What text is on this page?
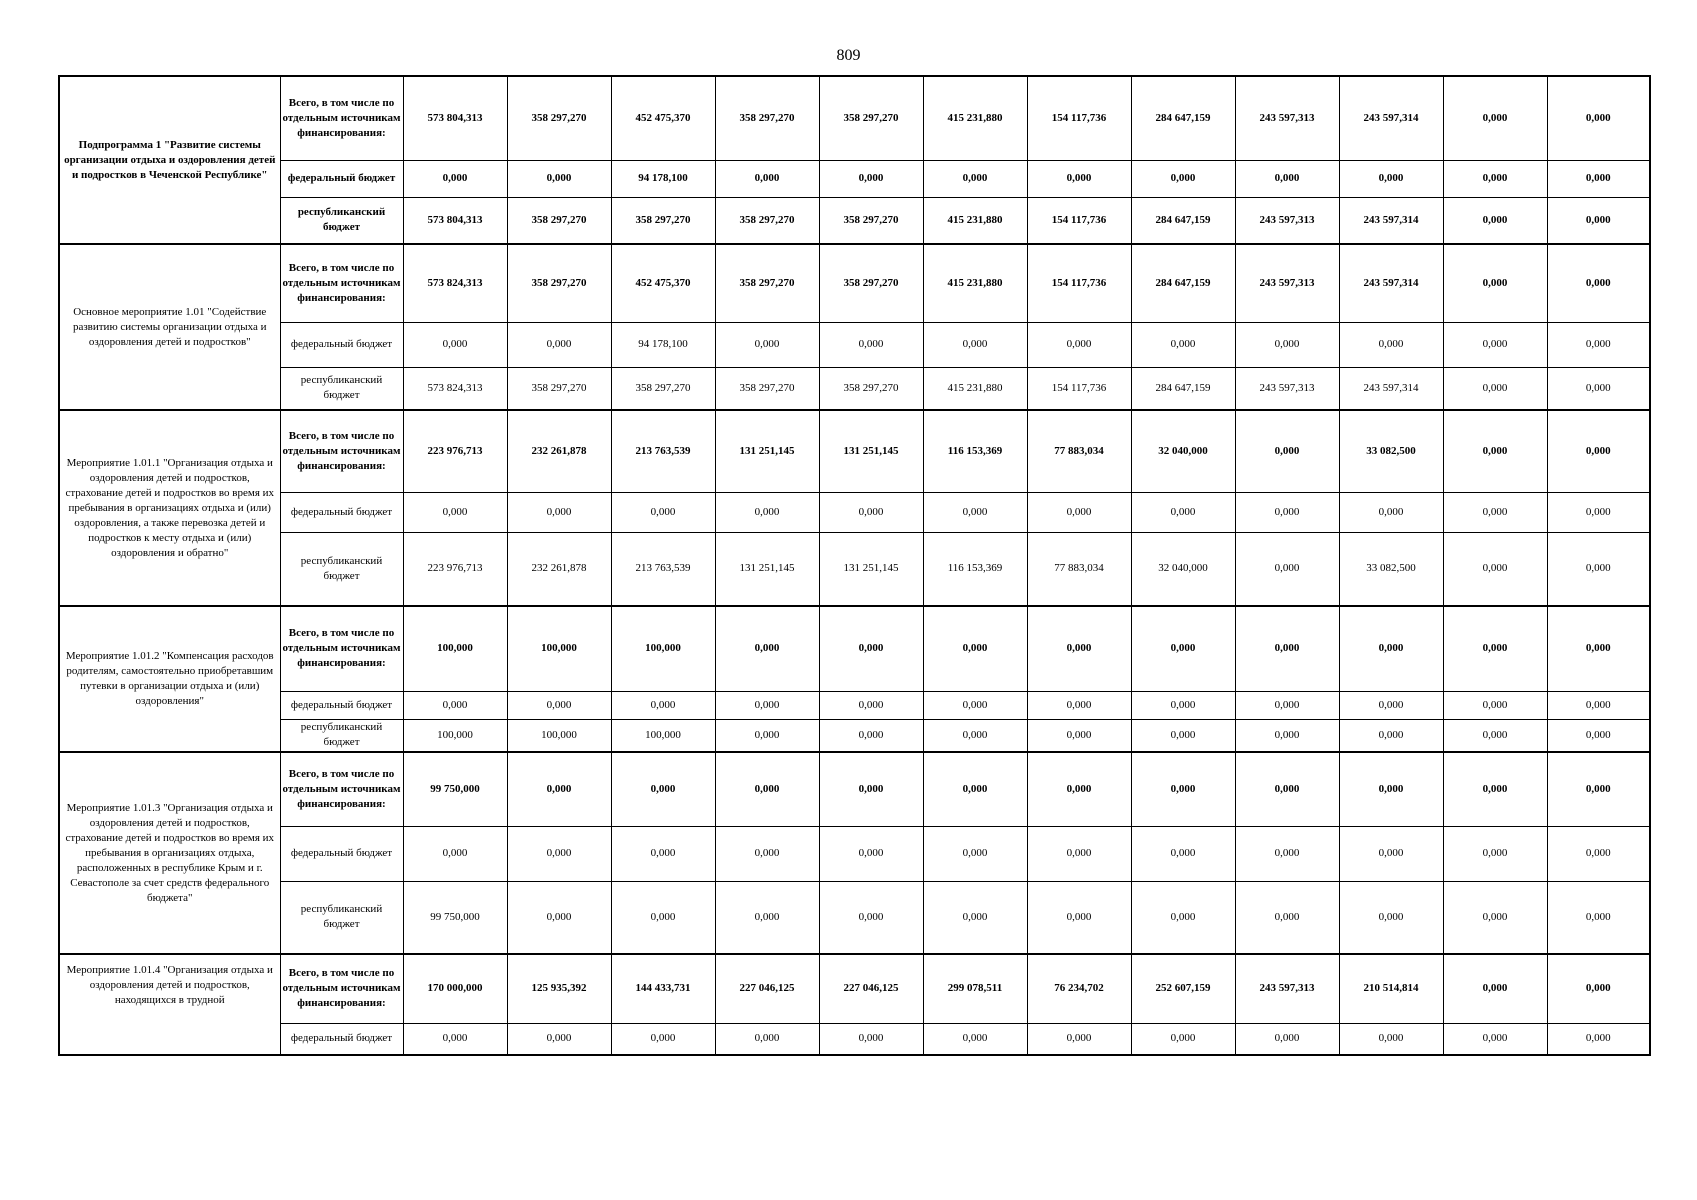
809
Подпрограмма 1 "Развитие системы организации отдыха и оздоровления детей и подростков в Чеченской Республике"	Всего, в том числе по отдельным источникам финансирования:	573 804,313	358 297,270	452 475,370	358 297,270	358 297,270	415 231,880	154 117,736	284 647,159	243 597,313	243 597,314	0,000	0,000
	федеральный бюджет	0,000	0,000	94 178,100	0,000	0,000	0,000	0,000	0,000	0,000	0,000	0,000	0,000
	республиканский бюджет	573 804,313	358 297,270	358 297,270	358 297,270	358 297,270	415 231,880	154 117,736	284 647,159	243 597,313	243 597,314	0,000	0,000
Основное мероприятие 1.01 "Содействие развитию системы организации отдыха и оздоровления детей и подростков"	Всего, в том числе по отдельным источникам финансирования:	573 824,313	358 297,270	452 475,370	358 297,270	358 297,270	415 231,880	154 117,736	284 647,159	243 597,313	243 597,314	0,000	0,000
	федеральный бюджет	0,000	0,000	94 178,100	0,000	0,000	0,000	0,000	0,000	0,000	0,000	0,000	0,000
	республиканский бюджет	573 824,313	358 297,270	358 297,270	358 297,270	358 297,270	415 231,880	154 117,736	284 647,159	243 597,313	243 597,314	0,000	0,000
Мероприятие 1.01.1 "Организация отдыха и оздоровления детей и подростков, страхование детей и подростков во время их пребывания в организациях отдыха и (или) оздоровления, а также перевозка детей и подростков к месту отдыха и (или) оздоровления и обратно"	Всего, в том числе по отдельным источникам финансирования:	223 976,713	232 261,878	213 763,539	131 251,145	131 251,145	116 153,369	77 883,034	32 040,000	0,000	33 082,500	0,000	0,000
	федеральный бюджет	0,000	0,000	0,000	0,000	0,000	0,000	0,000	0,000	0,000	0,000	0,000	0,000
	республиканский бюджет	223 976,713	232 261,878	213 763,539	131 251,145	131 251,145	116 153,369	77 883,034	32 040,000	0,000	33 082,500	0,000	0,000
Мероприятие 1.01.2 "Компенсация расходов родителям, самостоятельно приобретавшим путевки в организации отдыха и (или) оздоровления"	Всего, в том числе по отдельным источникам финансирования:	100,000	100,000	100,000	0,000	0,000	0,000	0,000	0,000	0,000	0,000	0,000	0,000
	федеральный бюджет	0,000	0,000	0,000	0,000	0,000	0,000	0,000	0,000	0,000	0,000	0,000	0,000
	республиканский бюджет	100,000	100,000	100,000	0,000	0,000	0,000	0,000	0,000	0,000	0,000	0,000	0,000
Мероприятие 1.01.3 "Организация отдыха и оздоровления детей и подростков, страхование детей и подростков во время их пребывания в организациях отдыха, расположенных в республике Крым и г. Севастополе за счет средств федерального бюджета"	Всего, в том числе по отдельным источникам финансирования:	99 750,000	0,000	0,000	0,000	0,000	0,000	0,000	0,000	0,000	0,000	0,000	0,000
	федеральный бюджет	0,000	0,000	0,000	0,000	0,000	0,000	0,000	0,000	0,000	0,000	0,000	0,000
	республиканский бюджет	99 750,000	0,000	0,000	0,000	0,000	0,000	0,000	0,000	0,000	0,000	0,000	0,000
Мероприятие 1.01.4 "Организация отдыха и оздоровления детей и подростков, находящихся в трудной	Всего, в том числе по отдельным источникам финансирования:	170 000,000	125 935,392	144 433,731	227 046,125	227 046,125	299 078,511	76 234,702	252 607,159	243 597,313	210 514,814	0,000	0,000
	федеральный бюджет	0,000	0,000	0,000	0,000	0,000	0,000	0,000	0,000	0,000	0,000	0,000	0,000
